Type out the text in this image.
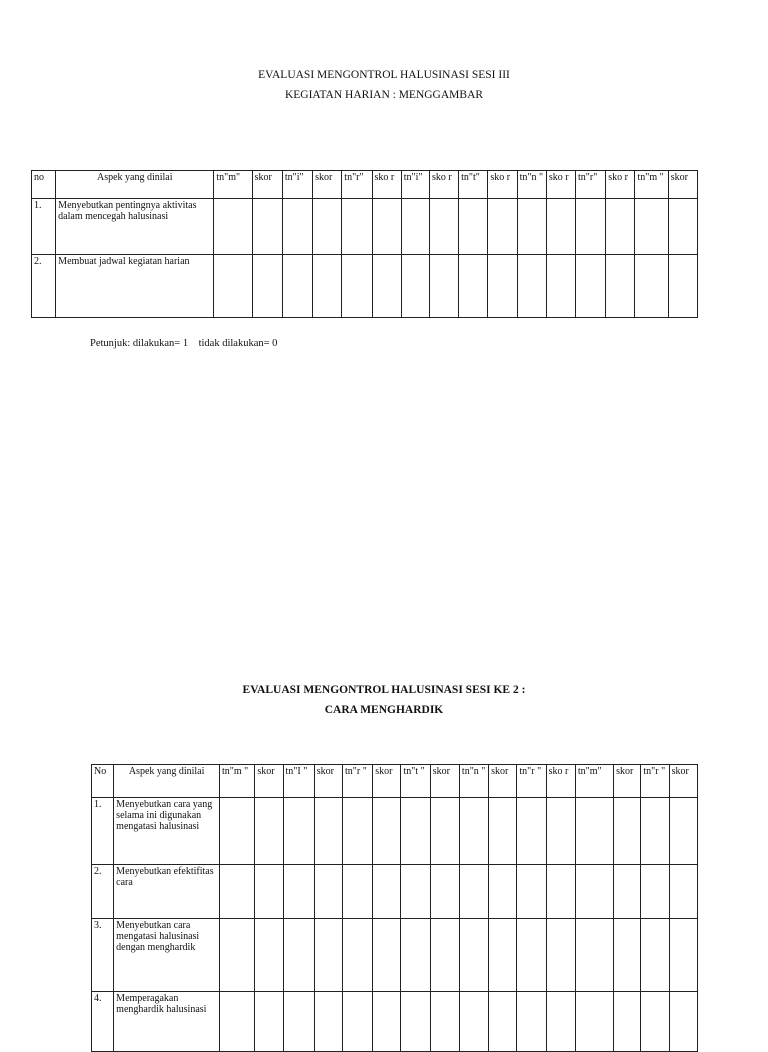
EVALUASI MENGONTROL HALUSINASI SESI III
KEGIATAN HARIAN : MENGGAMBAR
no	Aspek yang dinilai	tn"m"	skor	tn"i"	skor	tn"r"	sko r	tn"i"	sko r	tn"t"	sko r	tn"n "	sko r	tn"r"	sko r	tn"m "	skor
1.	Menyebutkan pentingnya aktivitas dalam mencegah halusinasi																
2.	Membuat jadwal kegiatan harian																
Petunjuk: dilakukan= 1    tidak dilakukan= 0
EVALUASI MENGONTROL HALUSINASI SESI KE 2 :
CARA MENGHARDIK
No	Aspek yang dinilai	tn"m "	skor	tn"I "	skor	tn"r "	skor	tn"t "	skor	tn"n "	skor	tn"r "	sko r	tn"m"	skor	tn"r "	skor
1.	Menyebutkan cara yang selama ini digunakan mengatasi halusinasi																
2.	Menyebutkan efektifitas cara																
3.	Menyebutkan cara mengatasi halusinasi dengan menghardik																
4.	Memperagakan menghardik halusinasi																
